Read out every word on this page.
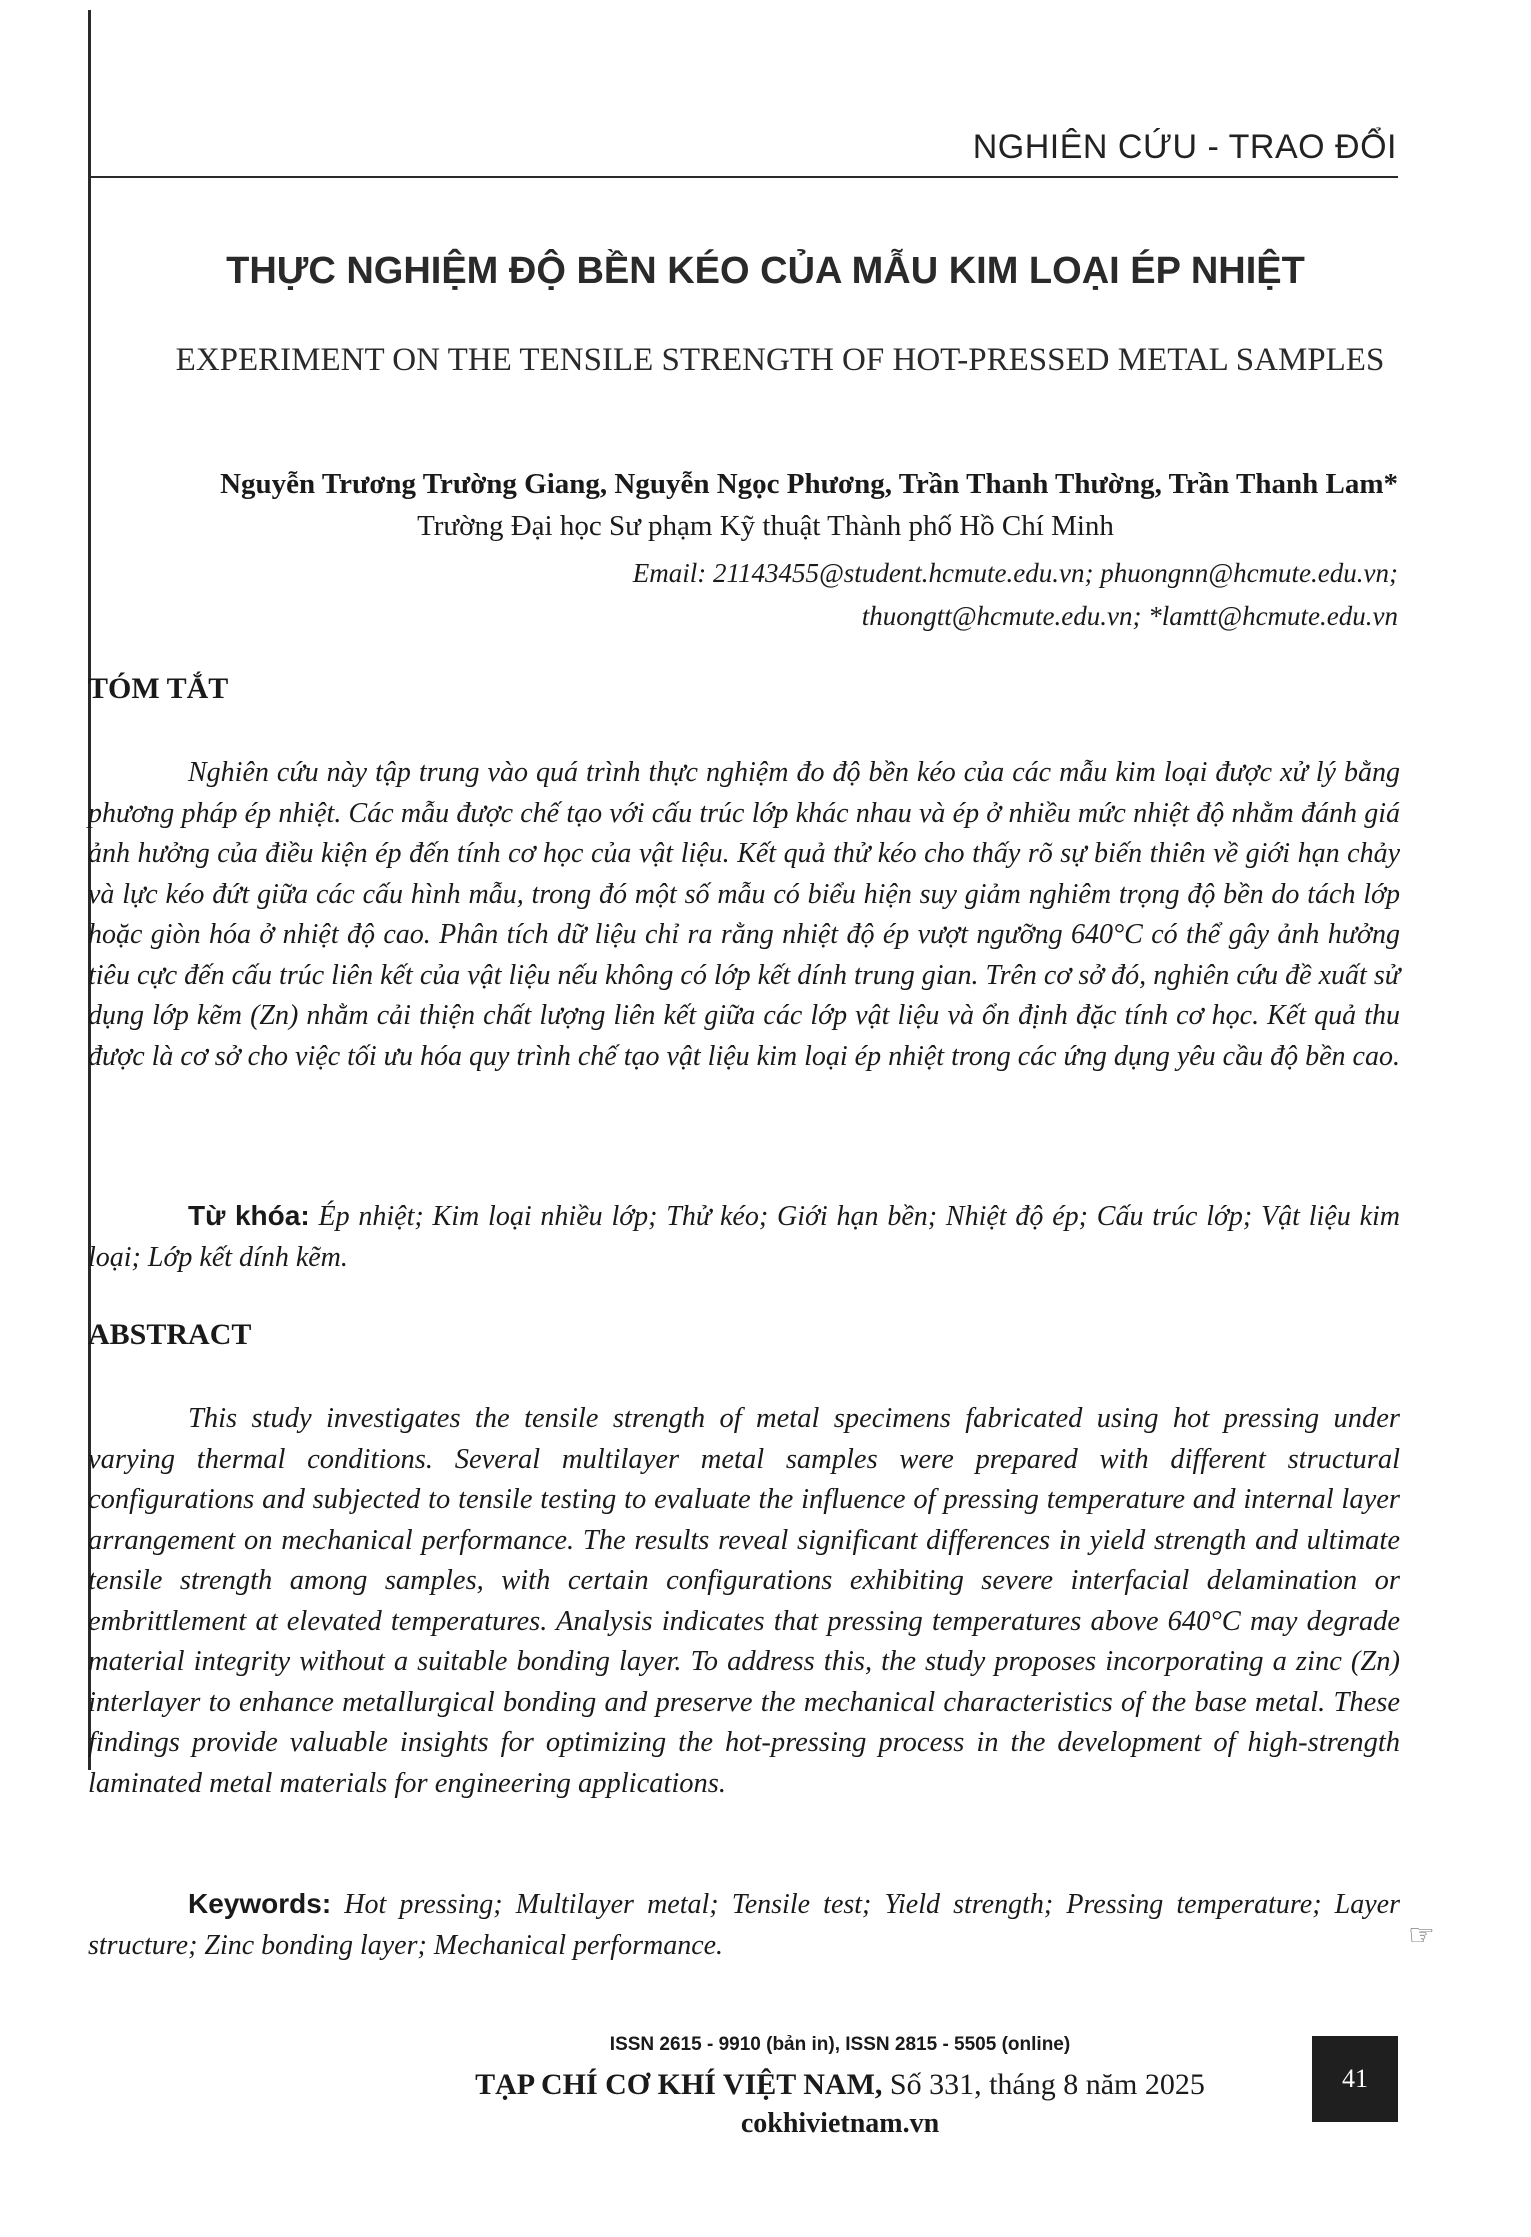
NGHIÊN CỨU - TRAO ĐỔI
THỰC NGHIỆM ĐỘ BỀN KÉO CỦA MẪU KIM LOẠI ÉP NHIỆT
EXPERIMENT ON THE TENSILE STRENGTH OF HOT-PRESSED METAL SAMPLES
Nguyễn Trương Trường Giang, Nguyễn Ngọc Phương, Trần Thanh Thường, Trần Thanh Lam*
Trường Đại học Sư phạm Kỹ thuật Thành phố Hồ Chí Minh
Email: 21143455@student.hcmute.edu.vn; phuongnn@hcmute.edu.vn;
thuongtt@hcmute.edu.vn; *lamtt@hcmute.edu.vn
TÓM TẮT

Nghiên cứu này tập trung vào quá trình thực nghiệm đo độ bền kéo của các mẫu kim loại được xử lý bằng phương pháp ép nhiệt. Các mẫu được chế tạo với cấu trúc lớp khác nhau và ép ở nhiều mức nhiệt độ nhằm đánh giá ảnh hưởng của điều kiện ép đến tính cơ học của vật liệu. Kết quả thử kéo cho thấy rõ sự biến thiên về giới hạn chảy và lực kéo đứt giữa các cấu hình mẫu, trong đó một số mẫu có biểu hiện suy giảm nghiêm trọng độ bền do tách lớp hoặc giòn hóa ở nhiệt độ cao. Phân tích dữ liệu chỉ ra rằng nhiệt độ ép vượt ngưỡng 640°C có thể gây ảnh hưởng tiêu cực đến cấu trúc liên kết của vật liệu nếu không có lớp kết dính trung gian. Trên cơ sở đó, nghiên cứu đề xuất sử dụng lớp kẽm (Zn) nhằm cải thiện chất lượng liên kết giữa các lớp vật liệu và ổn định đặc tính cơ học. Kết quả thu được là cơ sở cho việc tối ưu hóa quy trình chế tạo vật liệu kim loại ép nhiệt trong các ứng dụng yêu cầu độ bền cao.

Từ khóa: Ép nhiệt; Kim loại nhiều lớp; Thử kéo; Giới hạn bền; Nhiệt độ ép; Cấu trúc lớp; Vật liệu kim loại; Lớp kết dính kẽm.

ABSTRACT

This study investigates the tensile strength of metal specimens fabricated using hot pressing under varying thermal conditions. Several multilayer metal samples were prepared with different structural configurations and subjected to tensile testing to evaluate the influence of pressing temperature and internal layer arrangement on mechanical performance. The results reveal significant differences in yield strength and ultimate tensile strength among samples, with certain configurations exhibiting severe interfacial delamination or embrittlement at elevated temperatures. Analysis indicates that pressing temperatures above 640°C may degrade material integrity without a suitable bonding layer. To address this, the study proposes incorporating a zinc (Zn) interlayer to enhance metallurgical bonding and preserve the mechanical characteristics of the base metal. These findings provide valuable insights for optimizing the hot-pressing process in the development of high-strength laminated metal materials for engineering applications.

Keywords: Hot pressing; Multilayer metal; Tensile test; Yield strength; Pressing temperature; Layer structure; Zinc bonding layer; Mechanical performance.	☞
ISSN 2615 - 9910 (bản in), ISSN 2815 - 5505 (online)
TẠP CHÍ CƠ KHÍ VIỆT NAM, Số 331, tháng 8 năm 2025
cokhivietnam.vn
41
